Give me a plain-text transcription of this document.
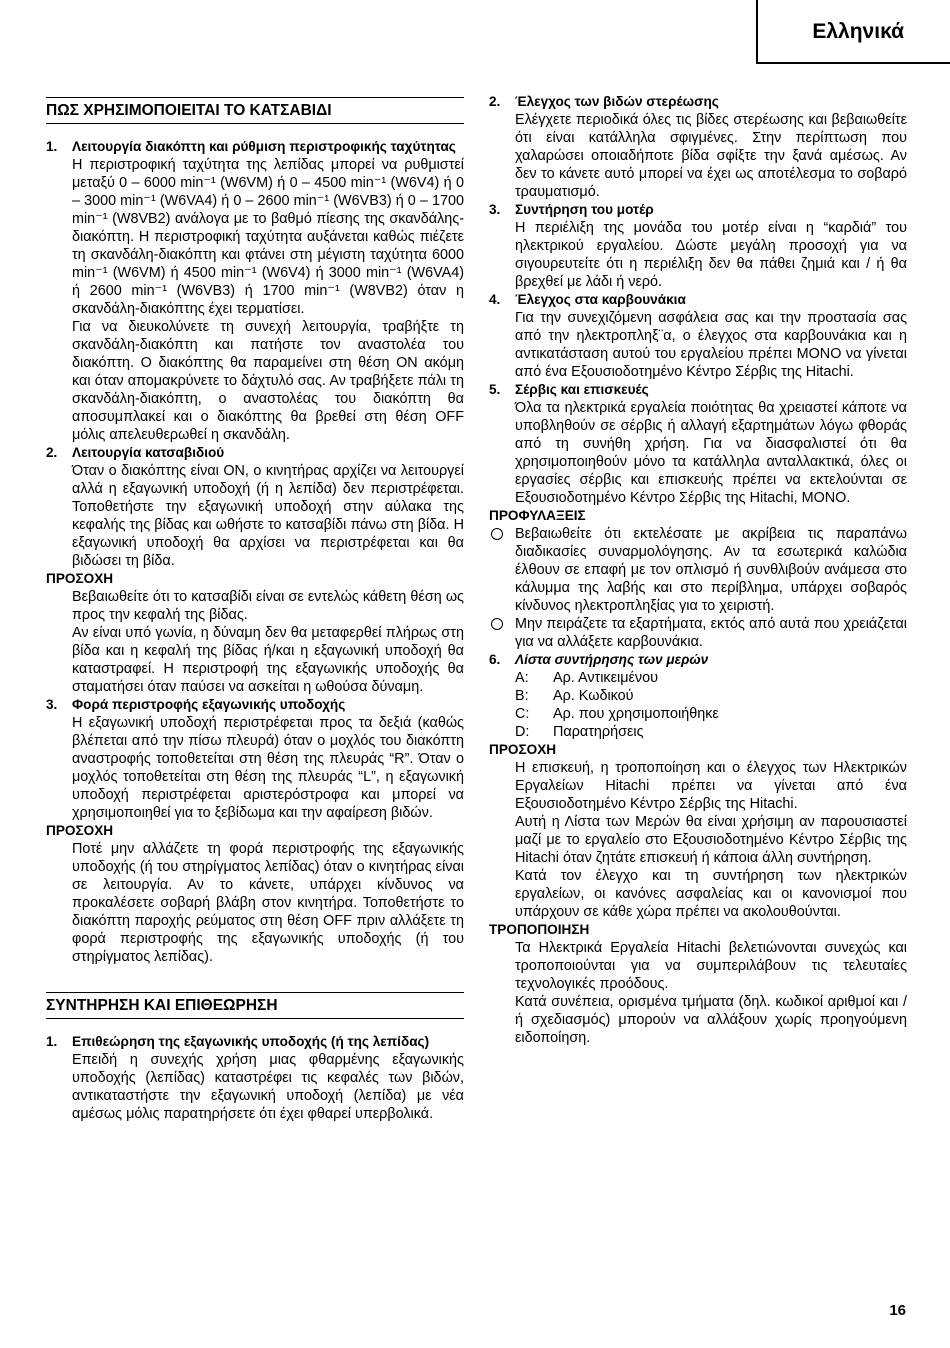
Ελληνικά
ΠΩΣ ΧΡΗΣΙΜΟΠΟΙΕΙΤΑΙ ΤΟ ΚΑΤΣΑΒΙΔΙ
1. Λειτουργία διακόπτη και ρύθμιση περιστροφικής ταχύτητας

Η περιστροφική ταχύτητα της λεπίδας μπορεί να ρυθμιστεί μεταξύ 0 – 6000 min⁻¹ (W6VM) ή 0 – 4500 min⁻¹ (W6V4) ή 0 – 3000 min⁻¹ (W6VA4) ή 0 – 2600 min⁻¹ (W6VB3) ή 0 – 1700 min⁻¹ (W8VB2) ανάλογα με το βαθμό πίεσης της σκανδάλης-διακόπτη. Η περιστροφική ταχύτητα αυξάνεται καθώς πιέζετε τη σκανδάλη-διακόπτη και φτάνει στη μέγιστη ταχύτητα 6000 min⁻¹ (W6VM) ή 4500 min⁻¹ (W6V4) ή 3000 min⁻¹ (W6VA4) ή 2600 min⁻¹ (W6VB3) ή 1700 min⁻¹ (W8VB2) όταν η σκανδάλη-διακόπτης έχει τερματίσει.

Για να διευκολύνετε τη συνεχή λειτουργία, τραβήξτε τη σκανδάλη-διακόπτη και πατήστε τον αναστολέα του διακόπτη. Ο διακόπτης θα παραμείνει στη θέση ON ακόμη και όταν απομακρύνετε το δάχτυλό σας. Αν τραβήξετε πάλι τη σκανδάλη-διακόπτη, ο αναστολέας του διακόπτη θα αποσυμπλακεί και ο διακόπτης θα βρεθεί στη θέση OFF μόλις απελευθερωθεί η σκανδάλη.

2. Λειτουργία κατσαβιδιού

Όταν ο διακόπτης είναι ON, ο κινητήρας αρχίζει να λειτουργεί αλλά η εξαγωνική υποδοχή (ή η λεπίδα) δεν περιστρέφεται. Τοποθετήστε την εξαγωνική υποδοχή στην αύλακα της κεφαλής της βίδας και ωθήστε το κατσαβίδι πάνω στη βίδα. Η εξαγωνική υποδοχή θα αρχίσει να περιστρέφεται και θα βιδώσει τη βίδα.

ΠΡΟΣΟΧΗ

Βεβαιωθείτε ότι το κατσαβίδι είναι σε εντελώς κάθετη θέση ως προς την κεφαλή της βίδας.

Αν είναι υπό γωνία, η δύναμη δεν θα μεταφερθεί πλήρως στη βίδα και η κεφαλή της βίδας ή/και η εξαγωνική υποδοχή θα καταστραφεί. Η περιστροφή της εξαγωνικής υποδοχής θα σταματήσει όταν παύσει να ασκείται η ωθούσα δύναμη.

3. Φορά περιστροφής εξαγωνικής υποδοχής

Η εξαγωνική υποδοχή περιστρέφεται προς τα δεξιά (καθώς βλέπεται από την πίσω πλευρά) όταν ο μοχλός του διακόπτη αναστροφής τοποθετείται στη θέση της πλευράς “R”. Όταν ο μοχλός τοποθετείται στη θέση της πλευράς “L”, η εξαγωνική υποδοχή περιστρέφεται αριστερόστροφα και μπορεί να χρησιμοποιηθεί για το ξεβίδωμα και την αφαίρεση βιδών.

ΠΡΟΣΟΧΗ

Ποτέ μην αλλάζετε τη φορά περιστροφής της εξαγωνικής υποδοχής (ή του στηρίγματος λεπίδας) όταν ο κινητήρας είναι σε λειτουργία. Αν το κάνετε, υπάρχει κίνδυνος να προκαλέσετε σοβαρή βλάβη στον κινητήρα. Τοποθετήστε το διακόπτη παροχής ρεύματος στη θέση OFF πριν αλλάξετε τη φορά περιστροφής της εξαγωνικής υποδοχής (ή του στηρίγματος λεπίδας).

ΣΥΝΤΗΡΗΣΗ ΚΑΙ ΕΠΙΘΕΩΡΗΣΗ
1. Επιθεώρηση της εξαγωνικής υποδοχής (ή της λεπίδας)

Επειδή η συνεχής χρήση μιας φθαρμένης εξαγωνικής υποδοχής (λεπίδας) καταστρέφει τις κεφαλές των βιδών, αντικαταστήστε την εξαγωνική υποδοχή (λεπίδα) με νέα αμέσως μόλις παρατηρήσετε ότι έχει φθαρεί υπερβολικά.

2. Έλεγχος των βιδών στερέωσης

Ελέγχετε περιοδικά όλες τις βίδες στερέωσης και βεβαιωθείτε ότι είναι κατάλληλα σφιγμένες. Στην περίπτωση που χαλαρώσει οποιαδήποτε βίδα σφίξτε την ξανά αμέσως. Αν δεν το κάνετε αυτό μπορεί να έχει ως αποτέλεσμα το σοβαρό τραυματισμό.

3. Συντήρηση του μοτέρ

Η περιέλιξη της μονάδα του μοτέρ είναι η “καρδιά” του ηλεκτρικού εργαλείου. Δώστε μεγάλη προσοχή για να σιγουρευτείτε ότι η περιέλιξη δεν θα πάθει ζημιά και / ή θα βρεχθεί με λάδι ή νερό.

4. Έλεγχος στα καρβουνάκια

Για την συνεχιζόμενη ασφάλεια σας και την προστασία σας από την ηλεκτροπληξ¨α, ο έλεγχος στα καρβουνάκια και η αντικατάσταση αυτού του εργαλείου πρέπει ΜΟΝΟ να γίνεται από ένα Εξουσιοδοτημένο Κέντρο Σέρβις της Hitachi.

5. Σέρβις και επισκευές

Όλα τα ηλεκτρικά εργαλεία ποιότητας θα χρειαστεί κάποτε να υποβληθούν σε σέρβις ή αλλαγή εξαρτημάτων λόγω φθοράς από τη συνήθη χρήση. Για να διασφαλιστεί ότι θα χρησιμοποιηθούν μόνο τα κατάλληλα ανταλλακτικά, όλες οι εργασίες σέρβις και επισκευής πρέπει να εκτελούνται σε Εξουσιοδοτημένο Κέντρο Σέρβις της Hitachi, ΜΟΝΟ.

ΠΡΟΦΥΛΑΞΕΙΣ
Βεβαιωθείτε ότι εκτελέσατε με ακρίβεια τις παραπάνω διαδικασίες συναρμολόγησης. Αν τα εσωτερικά καλώδια έλθουν σε επαφή με τον οπλισμό ή συνθλιβούν ανάμεσα στο κάλυμμα της λαβής και στο περίβλημα, υπάρχει σοβαρός κίνδυνος ηλεκτροπληξίας για το χειριστή.
Μην πειράζετε τα εξαρτήματα, εκτός από αυτά που χρειάζεται για να αλλάξετε καρβουνάκια.
6. Λίστα συντήρησης των μερών
A:	Αρ. Αντικειμένου
B:	Αρ. Κωδικού
C:	Αρ. που χρησιμοποιήθηκε
D:	Παρατηρήσεις
ΠΡΟΣΟΧΗ

Η επισκευή, η τροποποίηση και ο έλεγχος των Ηλεκτρικών Εργαλείων Hitachi πρέπει να γίνεται από ένα Εξουσιοδοτημένο Κέντρο Σέρβις της Hitachi.

Αυτή η Λίστα των Μερών θα είναι χρήσιμη αν παρουσιαστεί μαζί με το εργαλείο στο Εξουσιοδοτημένο Κέντρο Σέρβις της Hitachi όταν ζητάτε επισκευή ή κάποια άλλη συντήρηση.

Κατά τον έλεγχο και τη συντήρηση των ηλεκτρικών εργαλείων, οι κανόνες ασφαλείας και οι κανονισμοί που υπάρχουν σε κάθε χώρα πρέπει να ακολουθούνται.

ΤΡΟΠΟΠΟΙΗΣΗ

Τα Ηλεκτρικά Εργαλεία Hitachi βελετιώνονται συνεχώς και τροποποιούνται για να συμπεριλάβουν τις τελευταίες τεχνολογικές προόδους.

Κατά συνέπεια, ορισμένα τμήματα (δηλ. κωδικοί αριθμοί και / ή σχεδιασμός) μπορούν να αλλάξουν χωρίς προηγούμενη ειδοποίηση.

16
